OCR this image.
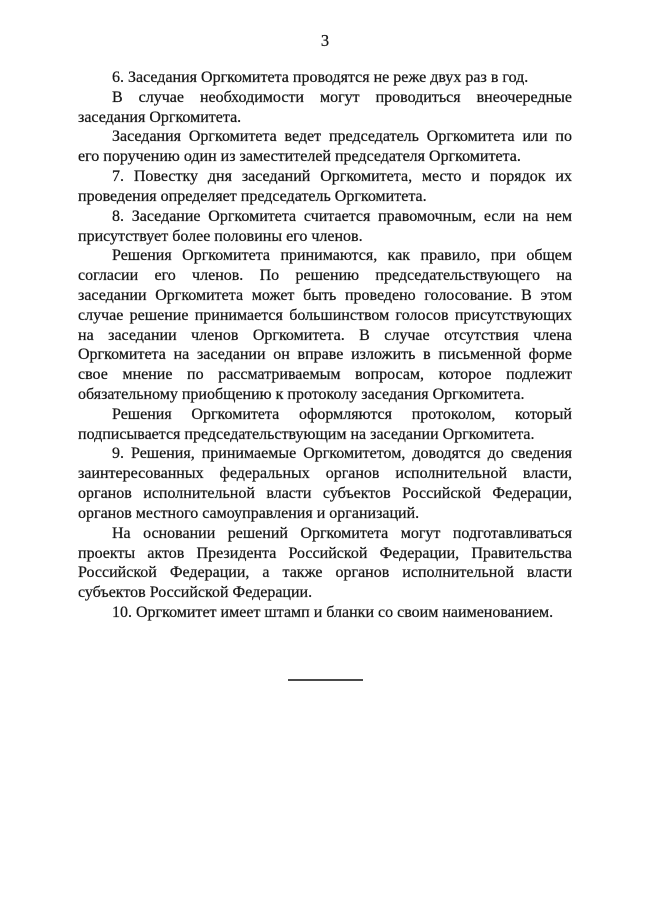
3
6. Заседания Оргкомитета проводятся не реже двух раз в год.
В случае необходимости могут проводиться внеочередные
заседания Оргкомитета.
Заседания Оргкомитета ведет председатель Оргкомитета или по
его поручению один из заместителей председателя Оргкомитета.
7. Повестку дня заседаний Оргкомитета, место и порядок их
проведения определяет председатель Оргкомитета.
8. Заседание Оргкомитета считается правомочным, если на нем
присутствует более половины его членов.
Решения Оргкомитета принимаются, как правило, при общем
согласии его членов. По решению председательствующего на
заседании Оргкомитета может быть проведено голосование. В этом
случае решение принимается большинством голосов присутствующих
на заседании членов Оргкомитета. В случае отсутствия члена
Оргкомитета на заседании он вправе изложить в письменной форме
свое мнение по рассматриваемым вопросам, которое подлежит
обязательному приобщению к протоколу заседания Оргкомитета.
Решения Оргкомитета оформляются протоколом, который
подписывается председательствующим на заседании Оргкомитета.
9. Решения, принимаемые Оргкомитетом, доводятся до сведения
заинтересованных федеральных органов исполнительной власти,
органов исполнительной власти субъектов Российской Федерации,
органов местного самоуправления и организаций.
На основании решений Оргкомитета могут подготавливаться
проекты актов Президента Российской Федерации, Правительства
Российской Федерации, а также органов исполнительной власти
субъектов Российской Федерации.
10. Оргкомитет имеет штамп и бланки со своим наименованием.
